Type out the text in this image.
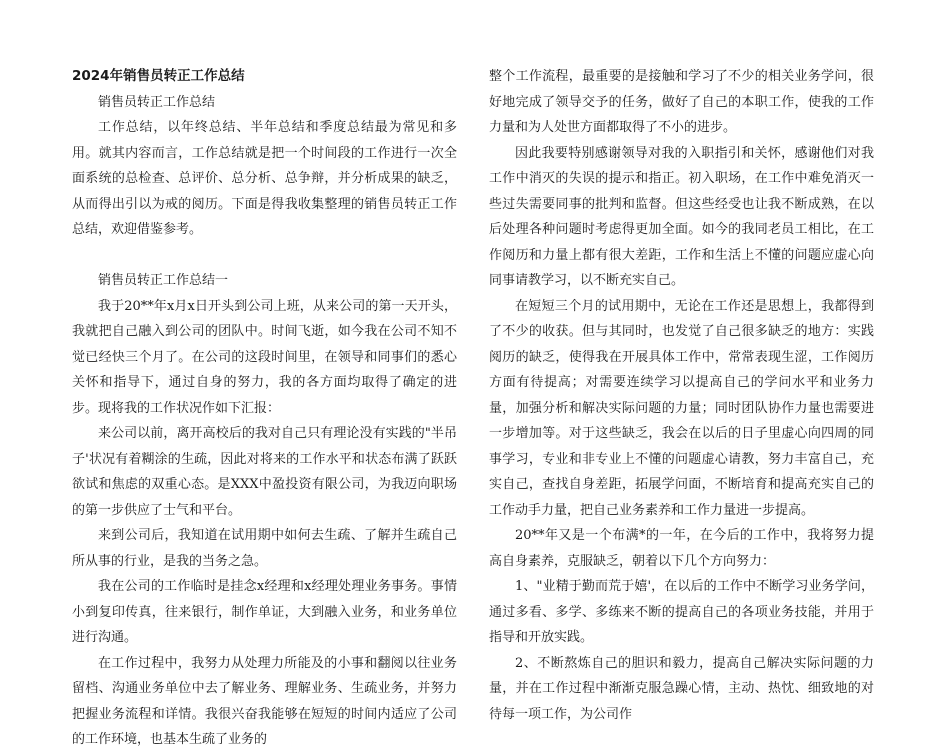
2024年销售员转正工作总结

销售员转正工作总结

工作总结，以年终总结、半年总结和季度总结最为常见和多用。就其内容而言，工作总结就是把一个时间段的工作进行一次全面系统的总检查、总评价、总分析、总争辩，并分析成果的缺乏，从而得出引以为戒的阅历。下面是得我收集整理的销售员转正工作总结，欢迎借鉴参考。

销售员转正工作总结一

我于20**年x月x日开头到公司上班，从来公司的第一天开头，我就把自己融入到公司的团队中。时间飞逝，如今我在公司不知不觉已经快三个月了。在公司的这段时间里，在领导和同事们的悉心关怀和指导下，通过自身的努力，我的各方面均取得了确定的进步。现将我的工作状况作如下汇报：

来公司以前，离开高校后的我对自己只有理论没有实践的"半吊子'状况有着糊涂的生疏，因此对将来的工作水平和状态布满了跃跃欲试和焦虑的双重心态。是XXX中盈投资有限公司，为我迈向职场的第一步供应了士气和平台。

来到公司后，我知道在试用期中如何去生疏、了解并生疏自己所从事的行业，是我的当务之急。

我在公司的工作临时是挂念x经理和x经理处理业务事务。事情小到复印传真，往来银行，制作单证，大到融入业务，和业务单位进行沟通。

在工作过程中，我努力从处理力所能及的小事和翻阅以往业务留档、沟通业务单位中去了解业务、理解业务、生疏业务，并努力把握业务流程和详情。我很兴奋我能够在短短的时间内适应了公司的工作环境，也基本生疏了业务的

整个工作流程，最重要的是接触和学习了不少的相关业务学问，很好地完成了领导交予的任务，做好了自己的本职工作，使我的工作力量和为人处世方面都取得了不小的进步。

因此我要特别感谢领导对我的入职指引和关怀，感谢他们对我工作中消灭的失误的提示和指正。初入职场，在工作中难免消灭一些过失需要同事的批判和监督。但这些经受也让我不断成熟，在以后处理各种问题时考虑得更加全面。如今的我同老员工相比，在工作阅历和力量上都有很大差距，工作和生活上不懂的问题应虚心向同事请教学习，以不断充实自己。

在短短三个月的试用期中，无论在工作还是思想上，我都得到了不少的收获。但与其同时，也发觉了自己很多缺乏的地方：实践阅历的缺乏，使得我在开展具体工作中，常常表现生涩，工作阅历方面有待提高；对需要连续学习以提高自己的学问水平和业务力量，加强分析和解决实际问题的力量；同时团队协作力量也需要进一步增加等。对于这些缺乏，我会在以后的日子里虚心向四周的同事学习，专业和非专业上不懂的问题虚心请教，努力丰富自己，充实自己，查找自身差距，拓展学问面，不断培育和提高充实自己的工作动手力量，把自己业务素养和工作力量进一步提高。

20**年又是一个布满*的一年，在今后的工作中，我将努力提高自身素养，克服缺乏，朝着以下几个方向努力：

1、"业精于勤而荒于嬉'，在以后的工作中不断学习业务学问，通过多看、多学、多练来不断的提高自己的各项业务技能，并用于指导和开放实践。

2、不断熬炼自己的胆识和毅力，提高自己解决实际问题的力量，并在工作过程中渐渐克服急躁心情，主动、热忱、细致地的对待每一项工作，为公司作
